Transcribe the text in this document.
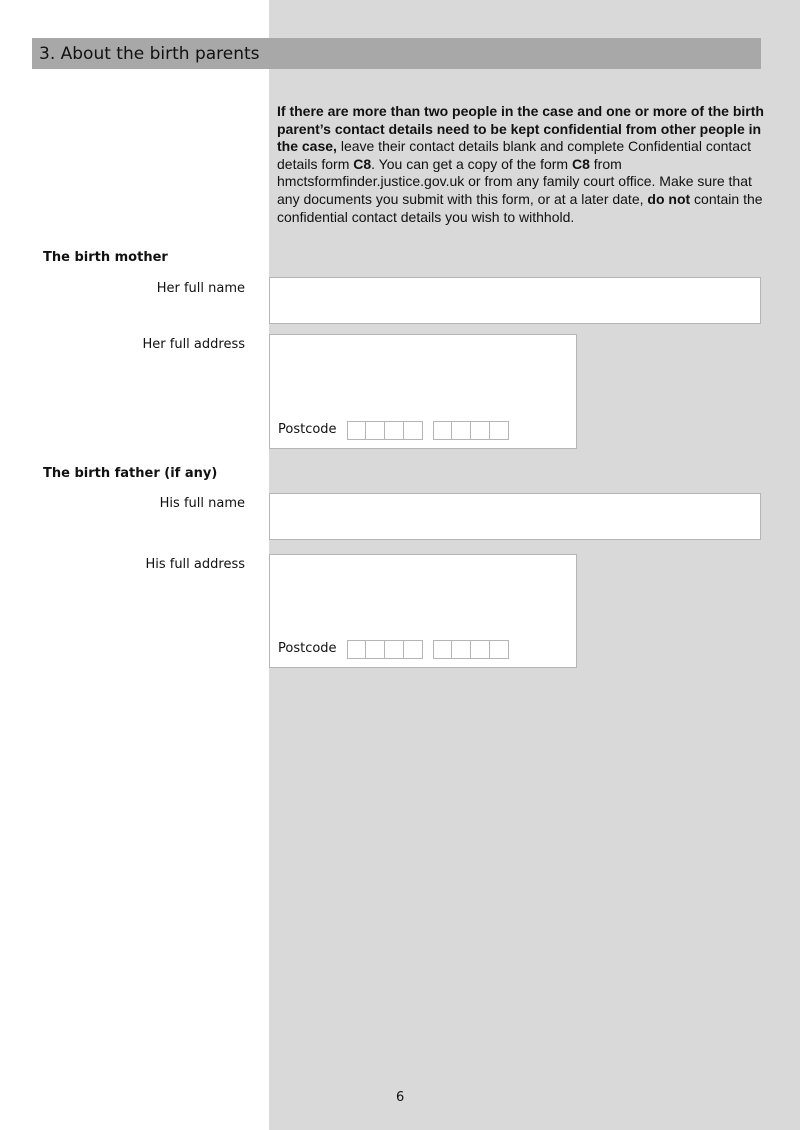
3. About the birth parents
If there are more than two people in the case and one or more of the birth parent’s contact details need to be kept confidential from other people in the case, leave their contact details blank and complete Confidential contact details form C8. You can get a copy of the form C8 from hmctsformfinder.justice.gov.uk or from any family court office. Make sure that any documents you submit with this form, or at a later date, do not contain the confidential contact details you wish to withhold.
The birth mother
Her full name
Her full address
Postcode
The birth father (if any)
His full name
His full address
Postcode
6
